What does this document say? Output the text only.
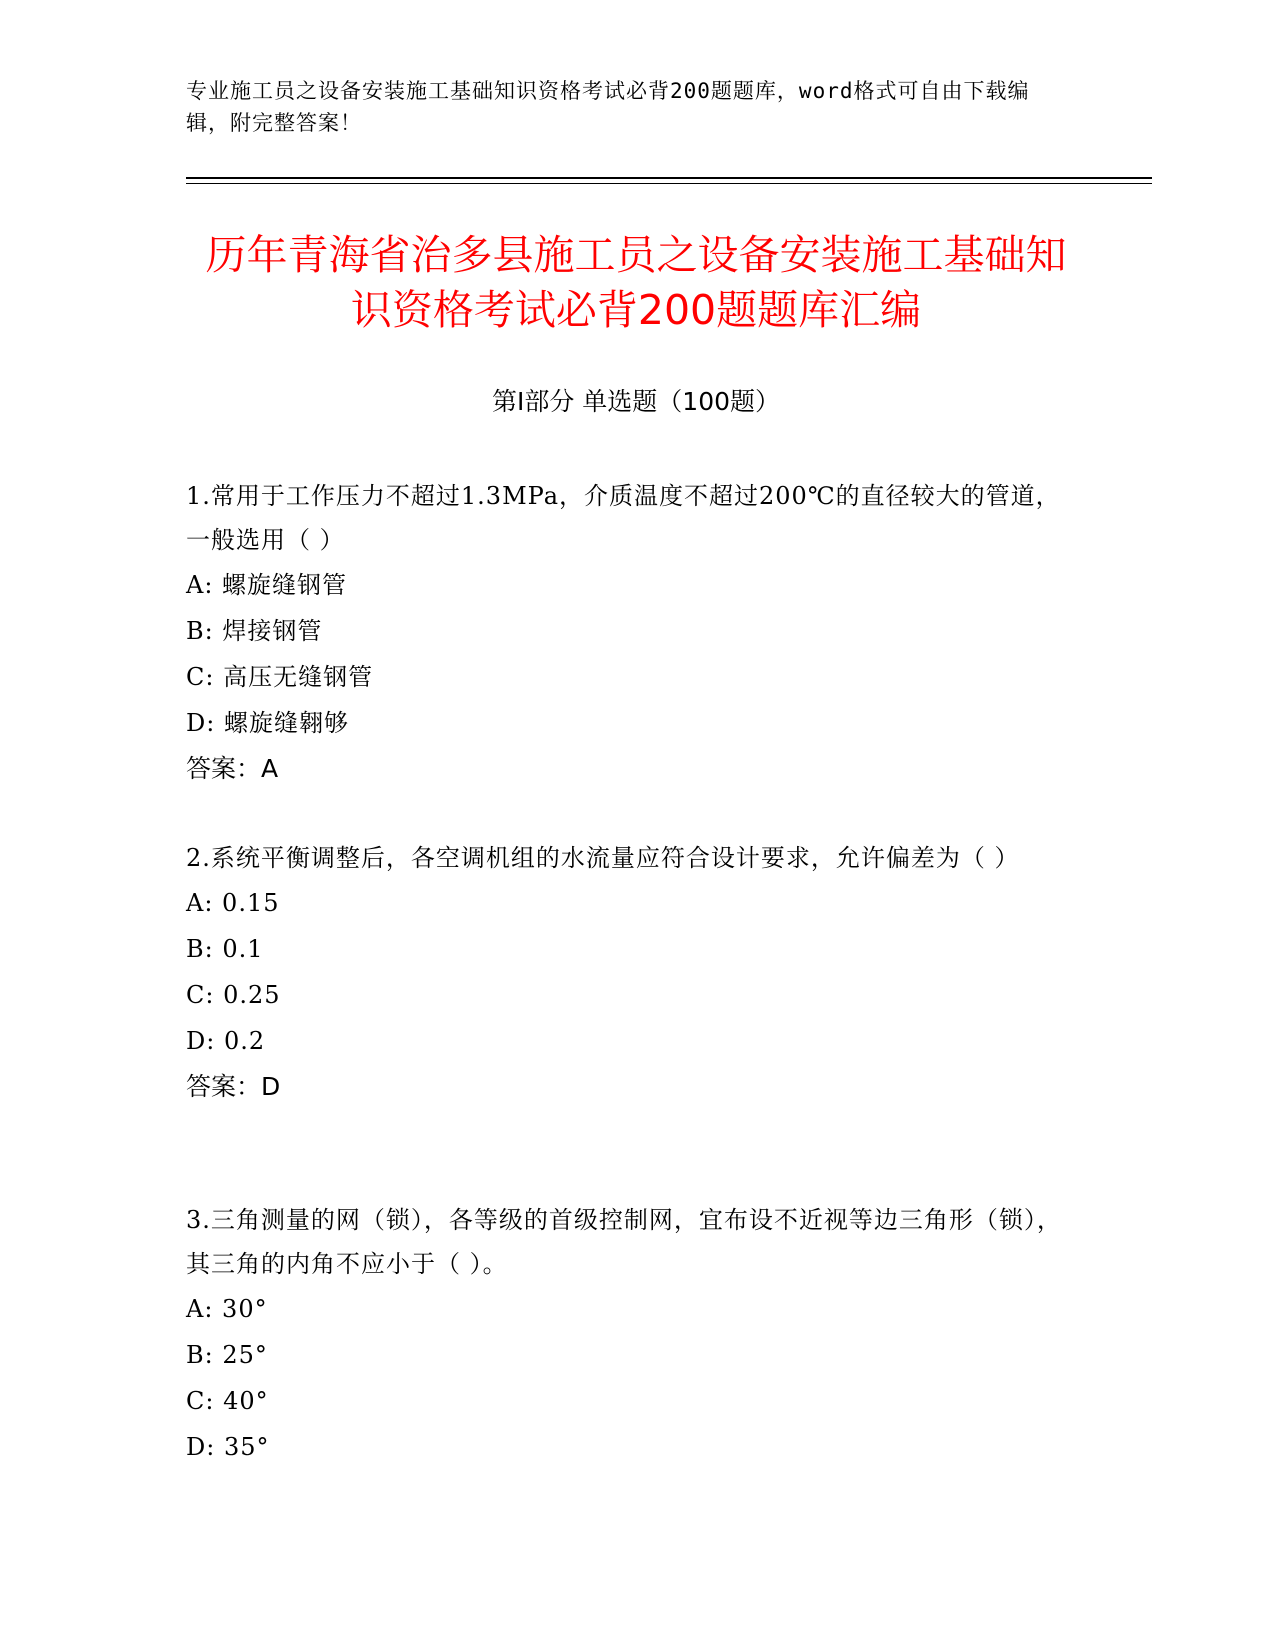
专业施工员之设备安装施工基础知识资格考试必背200题题库，word格式可自由下载编辑，附完整答案！
历年青海省治多县施工员之设备安装施工基础知识资格考试必背200题题库汇编
第Ⅰ部分 单选题（100题）

1.常用于工作压力不超过1.3MPa，介质温度不超过200℃的直径较大的管道，一般选用（ ）

A: 螺旋缝钢管
B: 焊接钢管
C: 高压无缝钢管
D: 螺旋缝翱够
答案：A

2.系统平衡调整后，各空调机组的水流量应符合设计要求，允许偏差为（ ）

A: 0.15
B: 0.1
C: 0.25
D: 0.2
答案：D

3.三角测量的网（锁），各等级的首级控制网，宜布设不近视等边三角形（锁），其三角的内角不应小于（ ）。

A: 30°
B: 25°
C: 40°
D: 35°
